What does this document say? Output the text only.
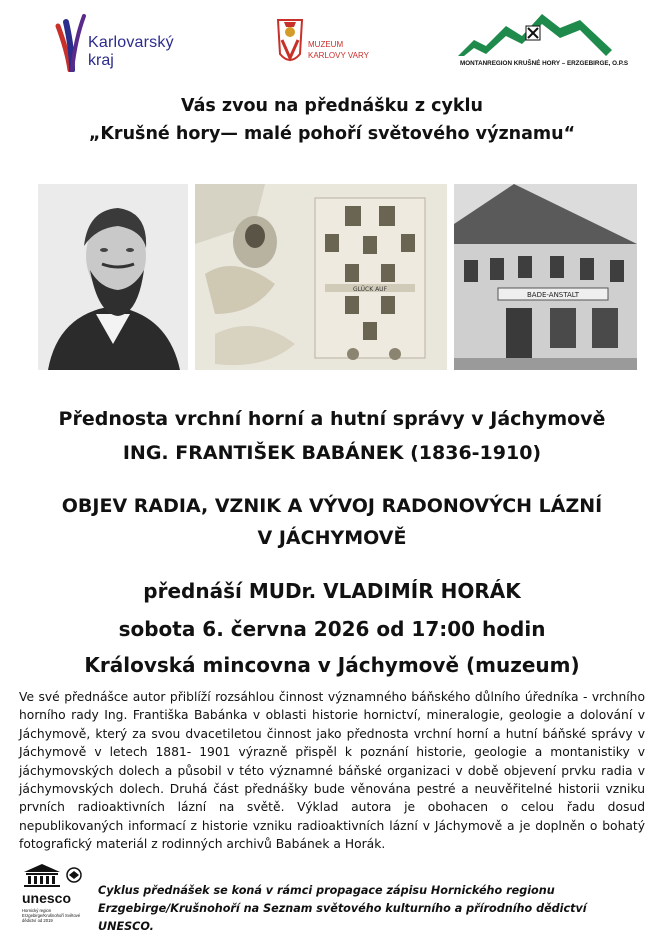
Karlovarský
kraj
MUZEUM
KARLOVY VARY
MONTANREGION KRUŠNÉ HORY – ERZGEBIRGE, O.P.S
Vás zvou na přednášku z cyklu
„Krušné hory— malé pohoří světového významu“
GLÜCK AUF
BADE-ANSTALT
Přednosta vrchní horní a hutní správy v Jáchymově
ING. FRANTIŠEK BABÁNEK (1836-1910)
OBJEV RADIA, VZNIK A VÝVOJ RADONOVÝCH LÁZNÍ
V JÁCHYMOVĚ
přednáší MUDr. VLADIMÍR HORÁK
sobota 6. června 2026 od 17:00 hodin
Královská mincovna v Jáchymově (muzeum)
Ve své přednášce autor přiblíží rozsáhlou činnost významného báňského důlního úředníka - vrchního horního rady Ing. Františka Babánka v oblasti historie hornictví, mineralogie, geologie a dolování v Jáchymově, který za svou dvacetiletou činnost jako přednosta vrchní horní a hutní báňské správy v Jáchymově v letech 1881- 1901 výrazně přispěl k poznání historie, geologie a montanistiky v jáchymovských dolech a působil v této významné báňské organizaci v době objevení prvku radia v jáchymovských dolech. Druhá část přednášky bude věnována pestré a neuvěřitelné historii vzniku prvních radioaktivních lázní na světě. Výklad autora je obohacen o celou řadu dosud nepublikovaných informací z historie vzniku radioaktivních lázní v Jáchymově a je doplněn o bohatý fotografický materiál z rodinných archivů Babánek a Horák.
unesco
Hornický region Erzgebirge/Krušnohoří Světové dědictví od 2019
Cyklus přednášek se koná v rámci propagace zápisu Hornického regionu Erzgebirge/Krušnohoří na Seznam světového kulturního a přírodního dědictví UNESCO.
